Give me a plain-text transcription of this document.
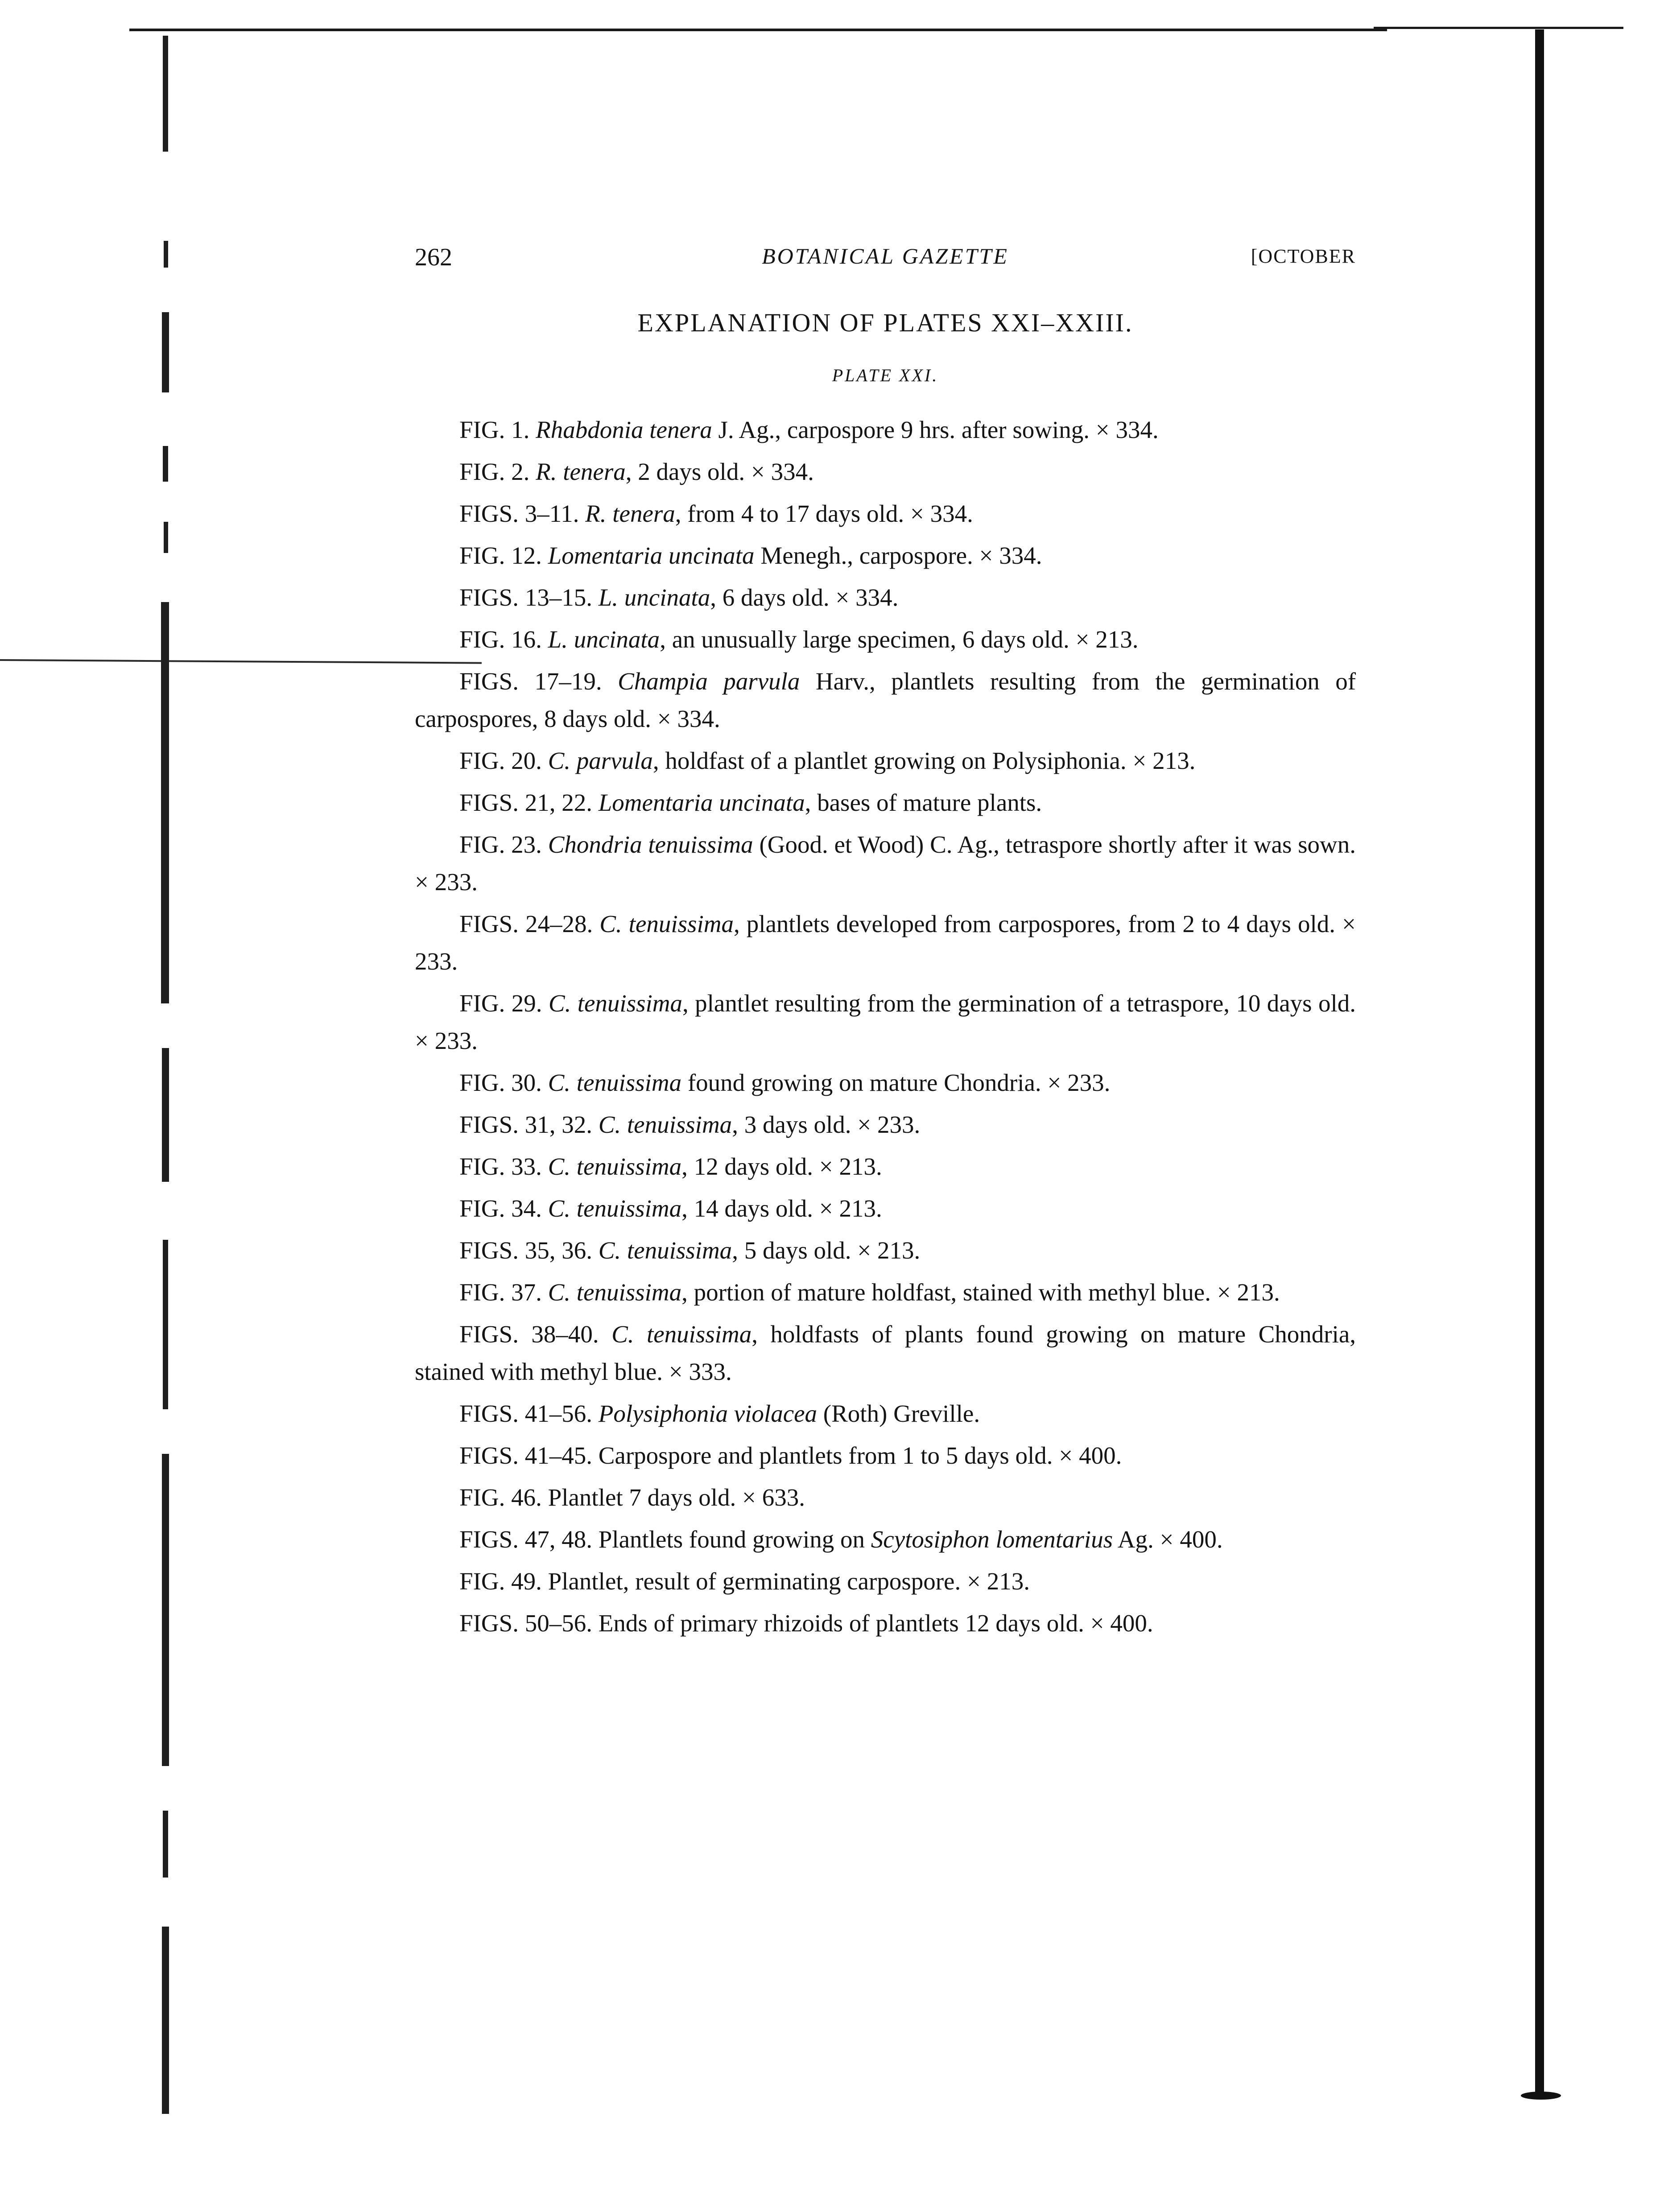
262	BOTANICAL GAZETTE	[OCTOBER
EXPLANATION OF PLATES XXI–XXIII.
PLATE XXI.

FIG. 1. Rhabdonia tenera J. Ag., carpospore 9 hrs. after sowing. × 334.

FIG. 2. R. tenera, 2 days old. × 334.

FIGS. 3–11. R. tenera, from 4 to 17 days old. × 334.

FIG. 12. Lomentaria uncinata Menegh., carpospore. × 334.

FIGS. 13–15. L. uncinata, 6 days old. × 334.

FIG. 16. L. uncinata, an unusually large specimen, 6 days old. × 213.

FIGS. 17–19. Champia parvula Harv., plantlets resulting from the germination of carpospores, 8 days old. × 334.

FIG. 20. C. parvula, holdfast of a plantlet growing on Polysiphonia. × 213.

FIGS. 21, 22. Lomentaria uncinata, bases of mature plants.

FIG. 23. Chondria tenuissima (Good. et Wood) C. Ag., tetraspore shortly after it was sown. × 233.

FIGS. 24–28. C. tenuissima, plantlets developed from carpospores, from 2 to 4 days old. × 233.

FIG. 29. C. tenuissima, plantlet resulting from the germination of a tetraspore, 10 days old. × 233.

FIG. 30. C. tenuissima found growing on mature Chondria. × 233.

FIGS. 31, 32. C. tenuissima, 3 days old. × 233.

FIG. 33. C. tenuissima, 12 days old. × 213.

FIG. 34. C. tenuissima, 14 days old. × 213.

FIGS. 35, 36. C. tenuissima, 5 days old. × 213.

FIG. 37. C. tenuissima, portion of mature holdfast, stained with methyl blue. × 213.

FIGS. 38–40. C. tenuissima, holdfasts of plants found growing on mature Chondria, stained with methyl blue. × 333.

FIGS. 41–56. Polysiphonia violacea (Roth) Greville.

FIGS. 41–45. Carpospore and plantlets from 1 to 5 days old. × 400.

FIG. 46. Plantlet 7 days old. × 633.

FIGS. 47, 48. Plantlets found growing on Scytosiphon lomentarius Ag. × 400.

FIG. 49. Plantlet, result of germinating carpospore. × 213.

FIGS. 50–56. Ends of primary rhizoids of plantlets 12 days old. × 400.
